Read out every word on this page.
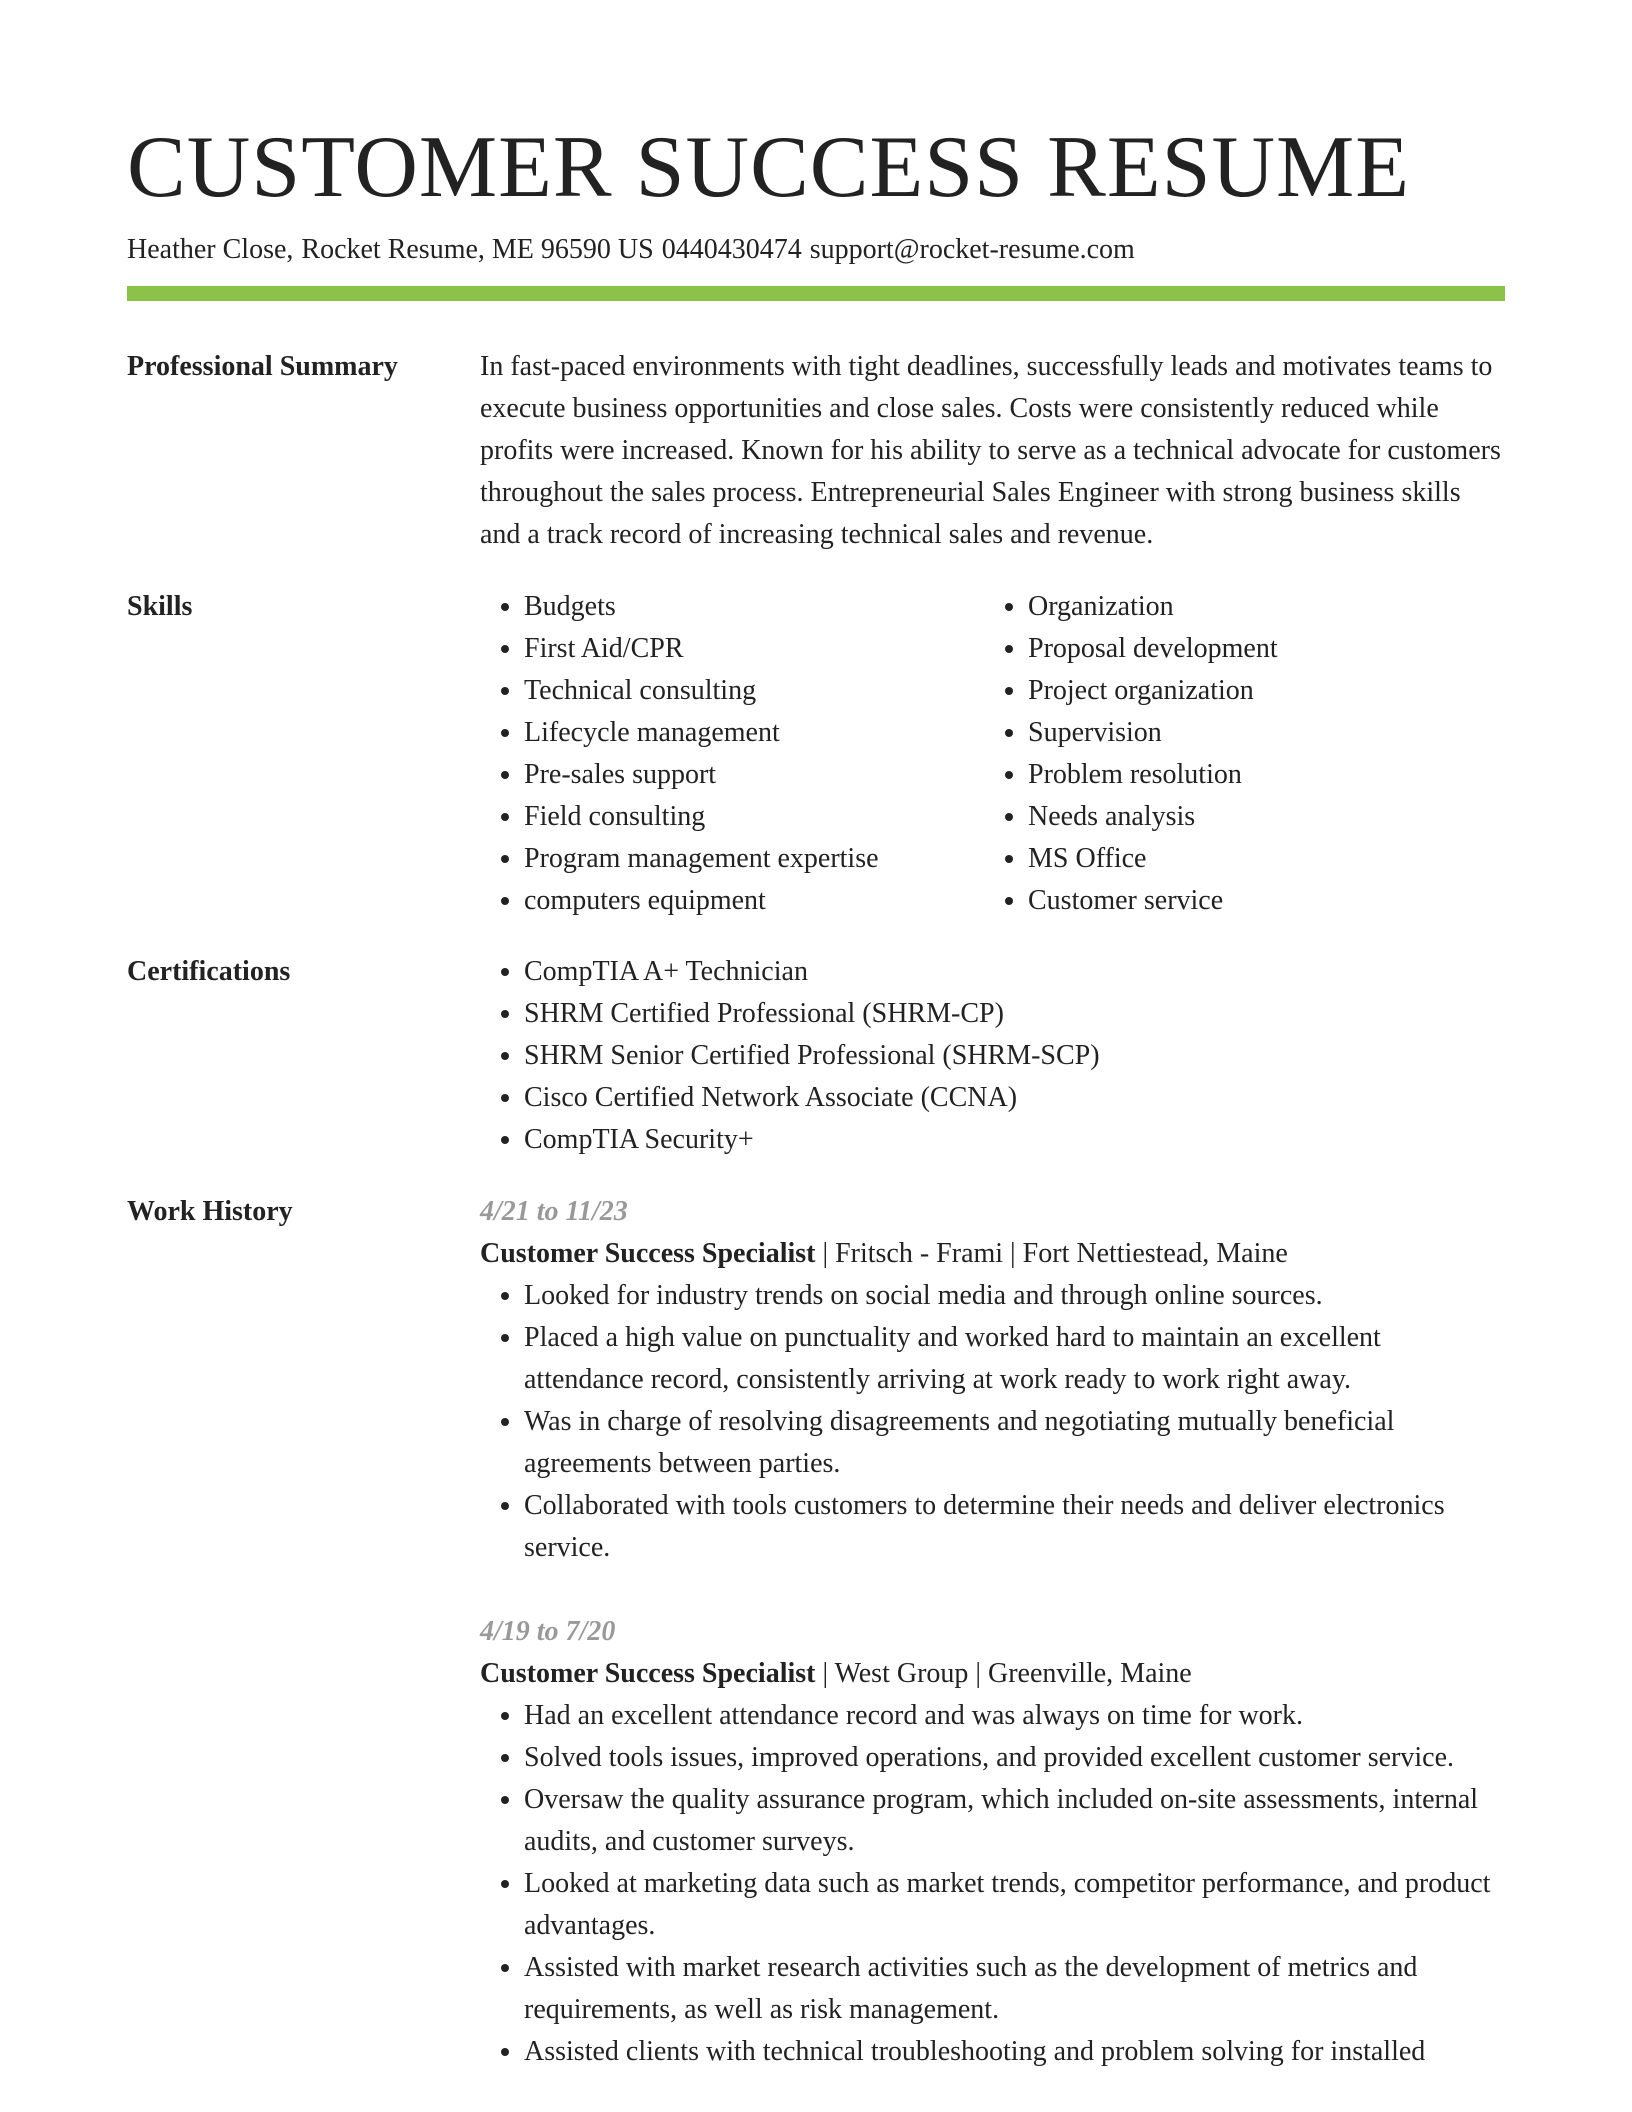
CUSTOMER SUCCESS RESUME
Heather Close, Rocket Resume, ME 96590 US 0440430474 support@rocket-resume.com
Professional Summary	In fast-paced environments with tight deadlines, successfully leads and motivates teams to execute business opportunities and close sales. Costs were consistently reduced while profits were increased. Known for his ability to serve as a technical advocate for customers throughout the sales process. Entrepreneurial Sales Engineer with strong business skills and a track record of increasing technical sales and revenue.

Skills	• Budgets
• First Aid/CPR
• Technical consulting
• Lifecycle management
• Pre-sales support
• Field consulting
• Program management expertise
• computers equipment
• Organization
• Proposal development
• Project organization
• Supervision
• Problem resolution
• Needs analysis
• MS Office
• Customer service
Certifications	• CompTIA A+ Technician
• SHRM Certified Professional (SHRM-CP)
• SHRM Senior Certified Professional (SHRM-SCP)
• Cisco Certified Network Associate (CCNA)
• CompTIA Security+
Work History	4/21 to 11/23
Customer Success Specialist | Fritsch - Frami | Fort Nettiestead, Maine
• Looked for industry trends on social media and through online sources.
• Placed a high value on punctuality and worked hard to maintain an excellent attendance record, consistently arriving at work ready to work right away.
• Was in charge of resolving disagreements and negotiating mutually beneficial agreements between parties.
• Collaborated with tools customers to determine their needs and deliver electronics service.
4/19 to 7/20
Customer Success Specialist | West Group | Greenville, Maine
• Had an excellent attendance record and was always on time for work.
• Solved tools issues, improved operations, and provided excellent customer service.
• Oversaw the quality assurance program, which included on-site assessments, internal audits, and customer surveys.
• Looked at marketing data such as market trends, competitor performance, and product advantages.
• Assisted with market research activities such as the development of metrics and requirements, as well as risk management.
• Assisted clients with technical troubleshooting and problem solving for installed
